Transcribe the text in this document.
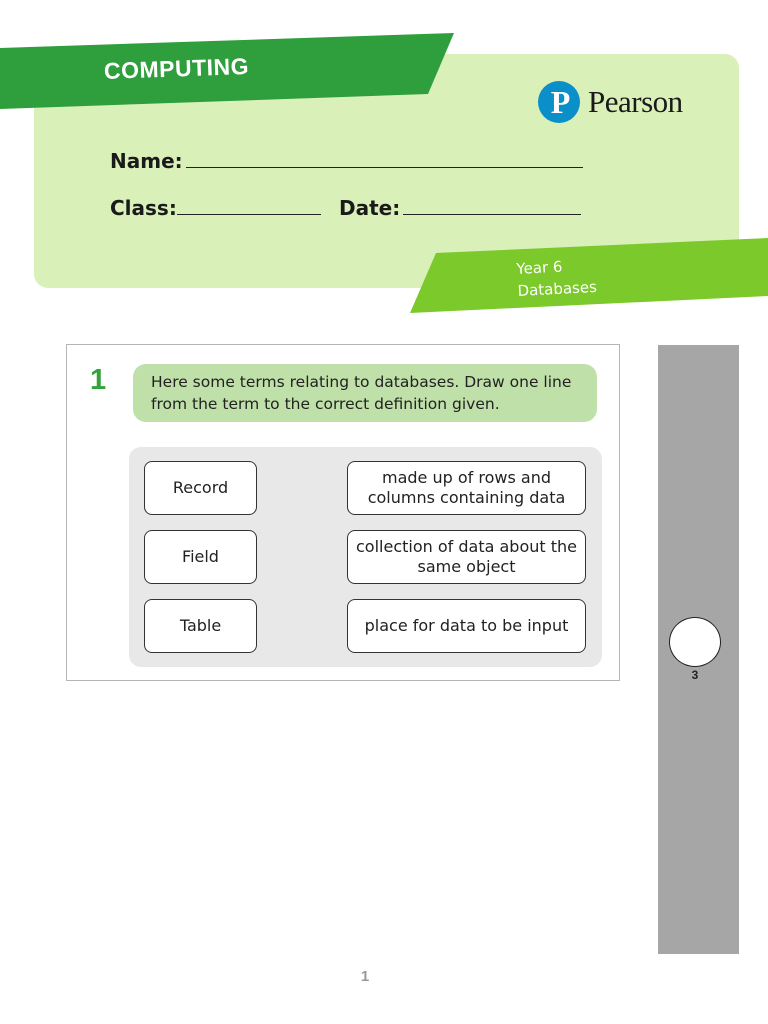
COMPUTING
P Pearson
Name:
Class:	Date:
Year 6
Databases
1	Here some terms relating to databases. Draw one line from the term to the correct definition given.
Record
Field
Table
made up of rows and columns containing data
collection of data about the same object
place for data to be input
3
1
